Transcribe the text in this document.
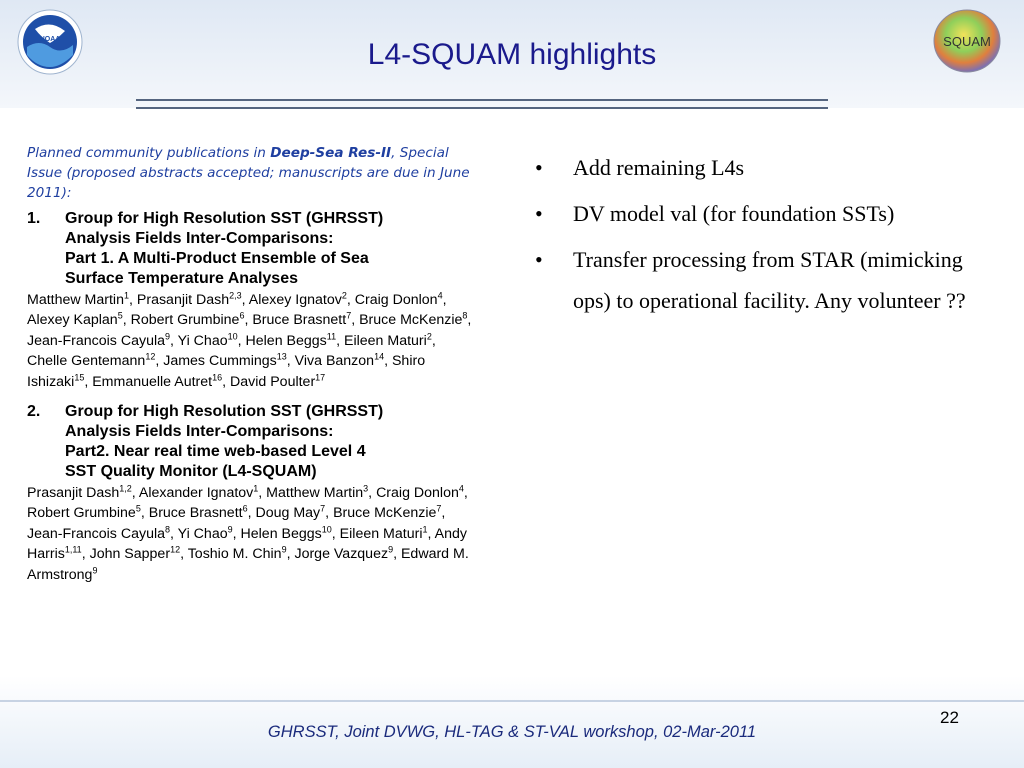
NOAA	SQUAM
L4-SQUAM highlights

Planned community publications in Deep-Sea Res-II, Special Issue (proposed abstracts accepted; manuscripts are due in June 2011):

1.	Group for High Resolution SST (GHRSST)
Analysis Fields Inter-Comparisons:
Part 1. A Multi-Product Ensemble of Sea
Surface Temperature Analyses
Matthew Martin$^1$, Prasanjit Dash$^{2,3}$, Alexey Ignatov$^2$, Craig Donlon$^4$, Alexey Kaplan$^5$, Robert Grumbine$^6$, Bruce Brasnett$^7$, Bruce McKenzie$^8$, Jean-Francois Cayula$^9$, Yi Chao$^{10}$, Helen Beggs$^{11}$, Eileen Maturi$^2$, Chelle Gentemann$^{12}$, James Cummings$^{13}$, Viva Banzon$^{14}$, Shiro Ishizaki$^{15}$, Emmanuelle Autret$^{16}$, David Poulter$^{17}$
2.	Group for High Resolution SST (GHRSST)
Analysis Fields Inter-Comparisons:
Part2. Near real time web-based Level 4
SST Quality Monitor (L4-SQUAM)
Prasanjit Dash$^{1,2}$, Alexander Ignatov$^1$, Matthew Martin$^3$, Craig Donlon$^4$, Robert Grumbine$^5$, Bruce Brasnett$^6$, Doug May$^7$, Bruce McKenzie$^7$, Jean-Francois Cayula$^8$, Yi Chao$^9$, Helen Beggs$^{10}$, Eileen Maturi$^1$, Andy Harris$^{1,11}$, John Sapper$^{12}$, Toshio M. Chin$^9$, Jorge Vazquez$^9$, Edward M. Armstrong$^9$
•	Add remaining L4s
•	DV model val (for foundation SSTs)
•	Transfer processing from STAR (mimicking ops) to operational facility. Any volunteer ??
22
GHRSST, Joint DVWG, HL-TAG & ST-VAL workshop, 02-Mar-2011
